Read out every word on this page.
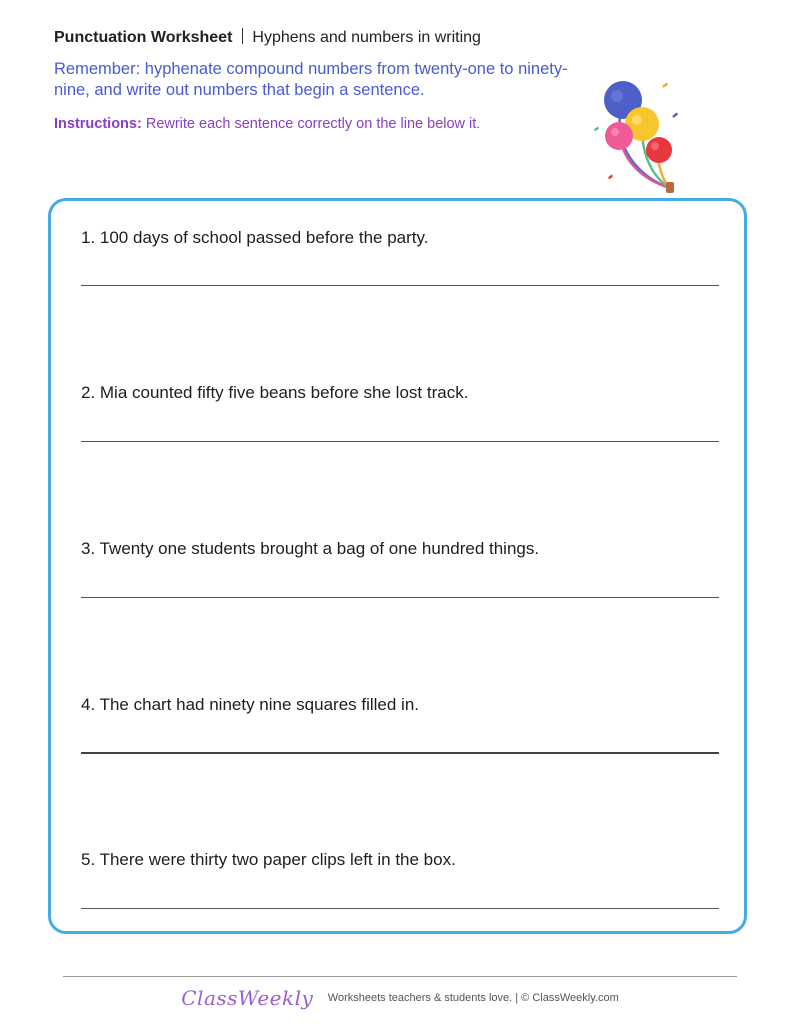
Punctuation Worksheet Hyphens and numbers in writing
Remember: hyphenate compound numbers from twenty-one to ninety-nine, and write out numbers that begin a sentence.
Instructions: Rewrite each sentence correctly on the line below it.
1. 100 days of school passed before the party.
2. Mia counted fifty five beans before she lost track.
3. Twenty one students brought a bag of one hundred things.
4. The chart had ninety nine squares filled in.
5. There were thirty two paper clips left in the box.
ClassWeekly Worksheets teachers & students love. | © ClassWeekly.com
